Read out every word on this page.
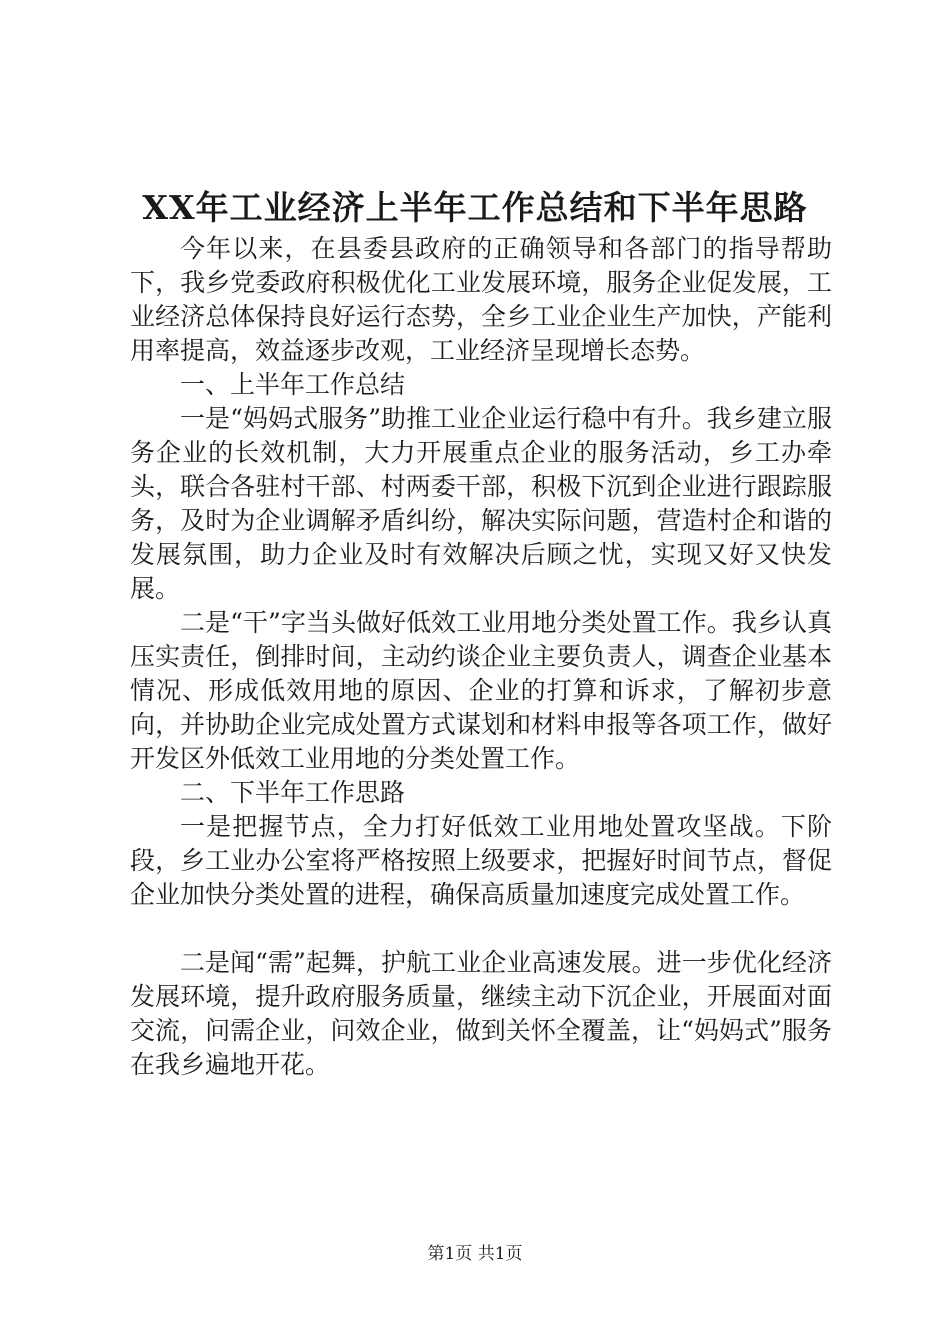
XX年工业经济上半年工作总结和下半年思路

今年以来，在县委县政府的正确领导和各部门的指导帮助下，我乡党委政府积极优化工业发展环境，服务企业促发展，工业经济总体保持良好运行态势，全乡工业企业生产加快，产能利用率提高，效益逐步改观，工业经济呈现增长态势。

一、上半年工作总结

一是“妈妈式服务”助推工业企业运行稳中有升。我乡建立服务企业的长效机制，大力开展重点企业的服务活动，乡工办牵头，联合各驻村干部、村两委干部，积极下沉到企业进行跟踪服务，及时为企业调解矛盾纠纷，解决实际问题，营造村企和谐的发展氛围，助力企业及时有效解决后顾之忧，实现又好又快发展。

二是“干”字当头做好低效工业用地分类处置工作。我乡认真压实责任，倒排时间，主动约谈企业主要负责人，调查企业基本情况、形成低效用地的原因、企业的打算和诉求，了解初步意向，并协助企业完成处置方式谋划和材料申报等各项工作，做好开发区外低效工业用地的分类处置工作。

二、下半年工作思路

一是把握节点，全力打好低效工业用地处置攻坚战。下阶段，乡工业办公室将严格按照上级要求，把握好时间节点，督促企业加快分类处置的进程，确保高质量加速度完成处置工作。

二是闻“需”起舞，护航工业企业高速发展。进一步优化经济发展环境，提升政府服务质量，继续主动下沉企业，开展面对面交流，问需企业，问效企业，做到关怀全覆盖，让“妈妈式”服务在我乡遍地开花。

第1页 共1页
